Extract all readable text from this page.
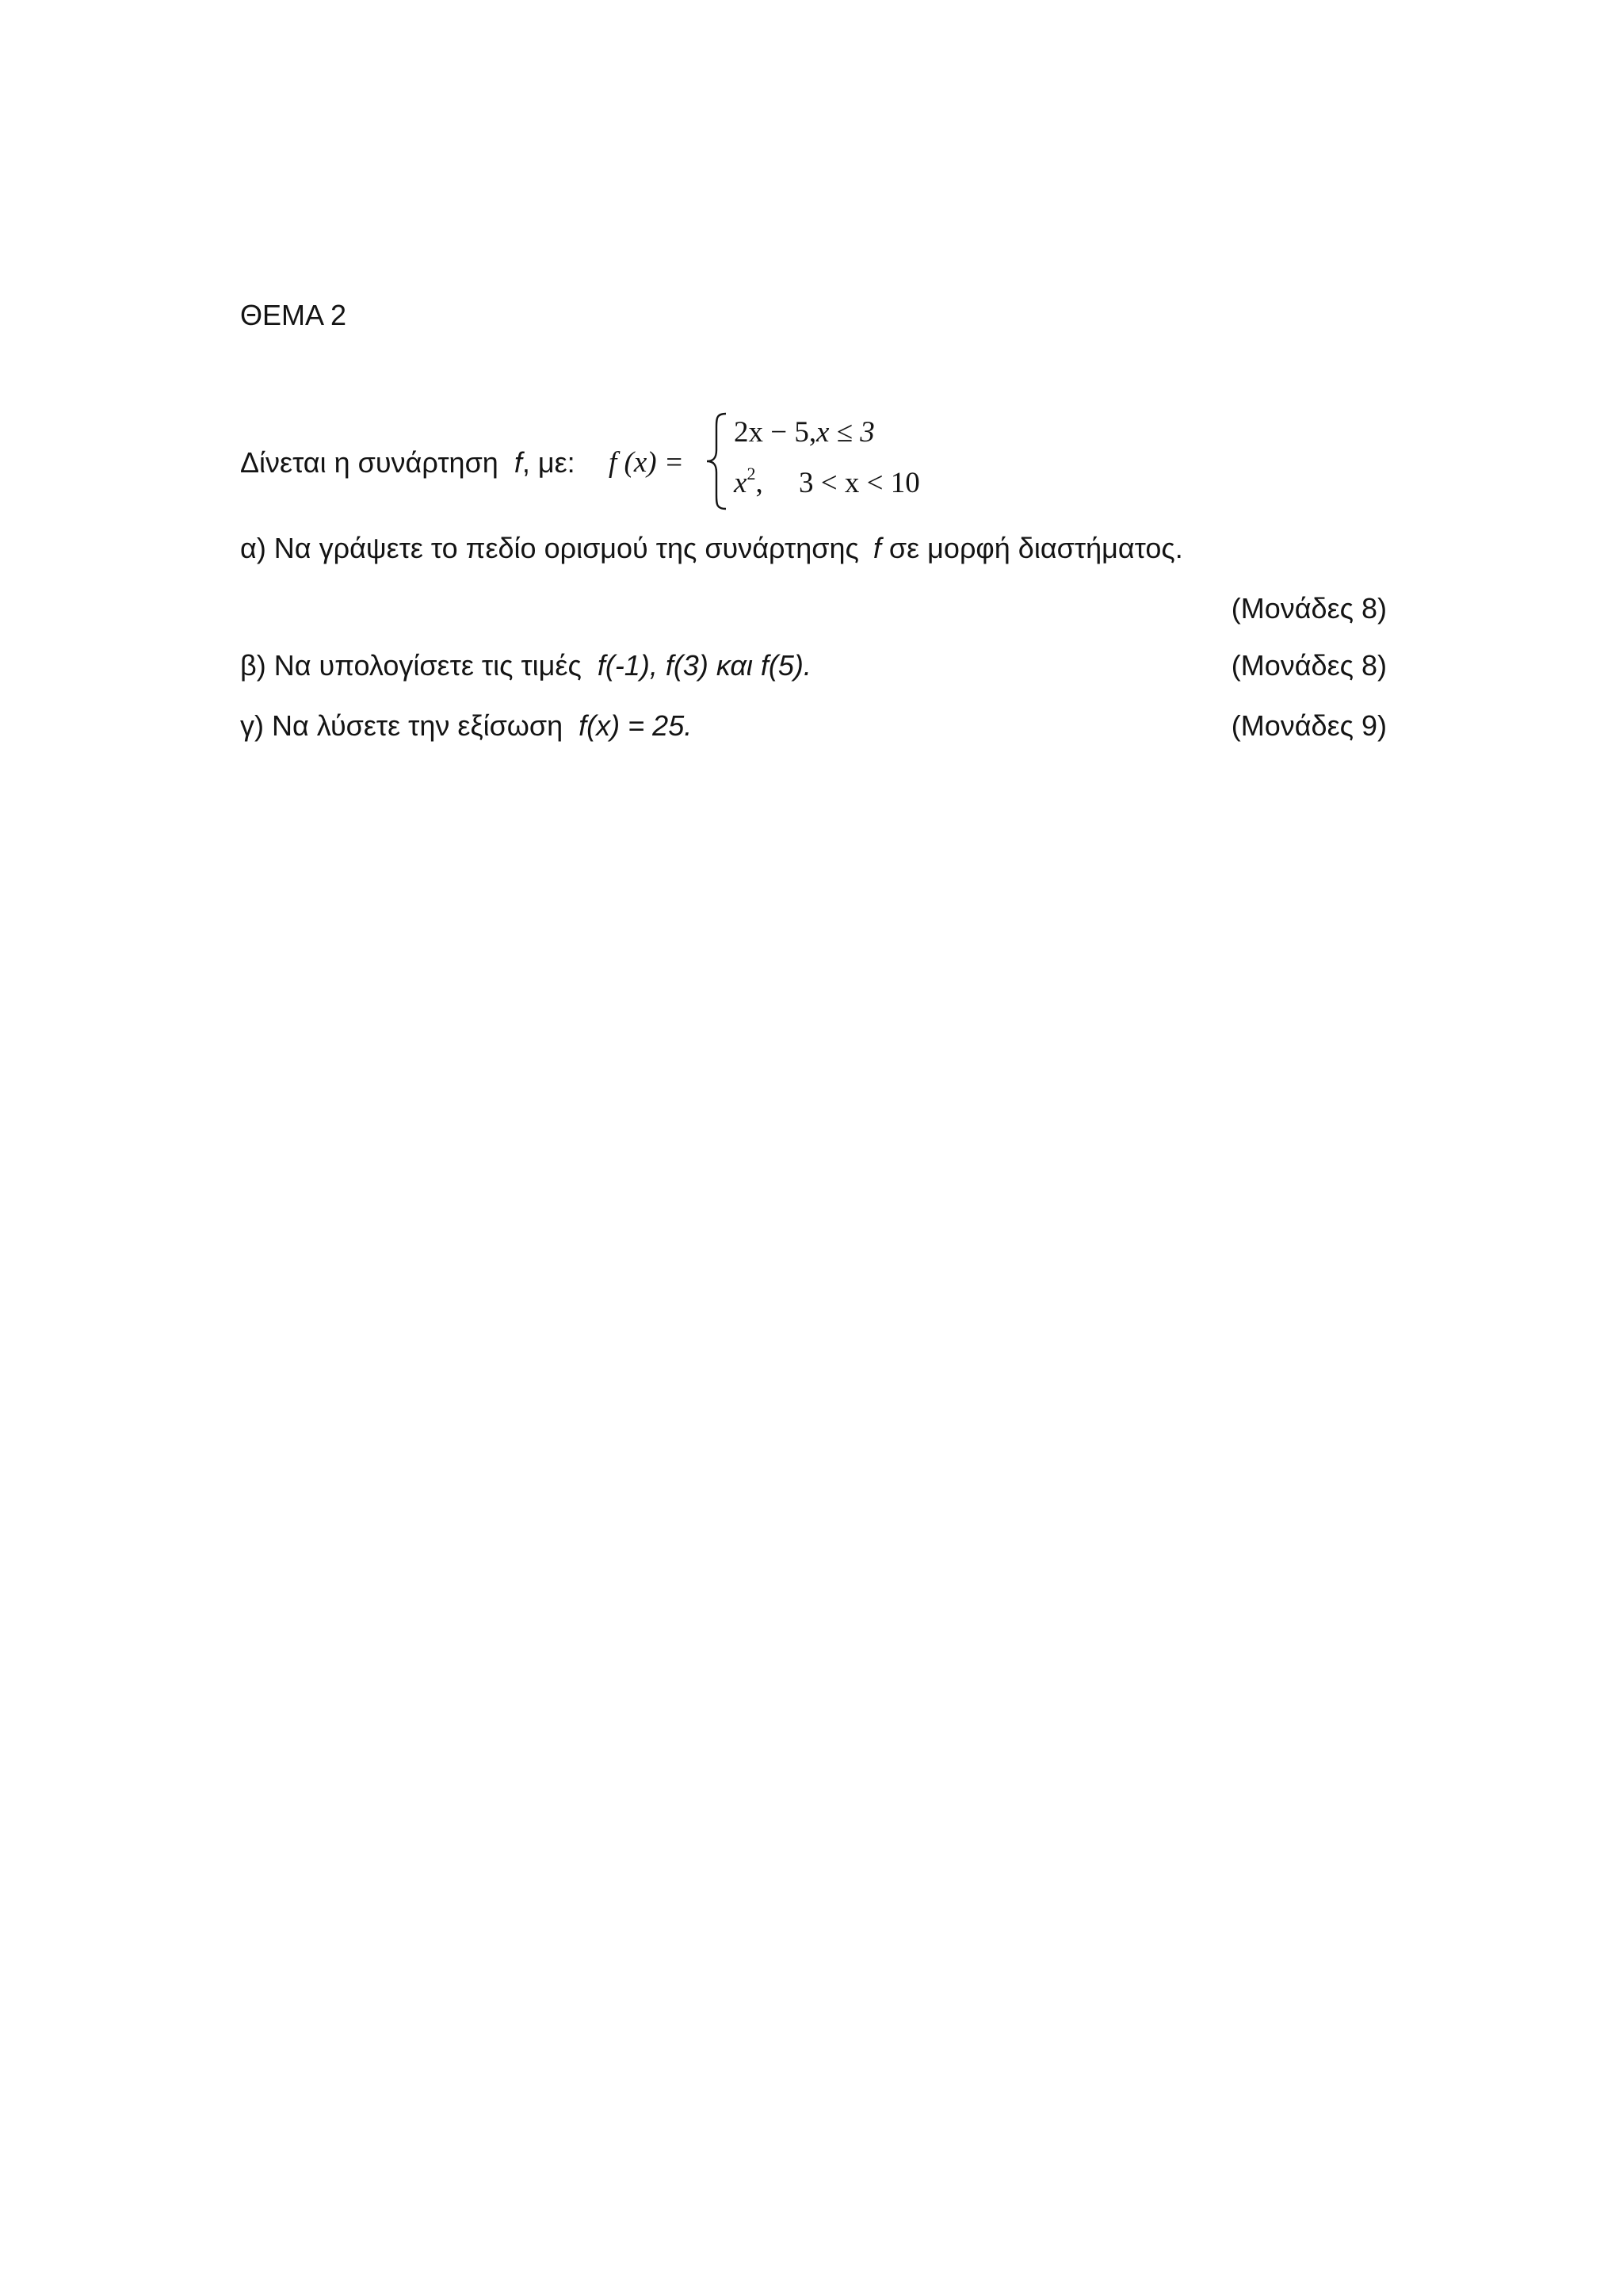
ΘΕΜΑ 2
Δίνεται η συνάρτηση f, με: f (x) =
2x − 5, x ≤ 3
$x^2$, 3 < x < 10
α) Να γράψετε το πεδίο ορισμού της συνάρτησης f σε μορφή διαστήματος.
(Μονάδες 8)
β) Να υπολογίσετε τις τιμές f(-1), f(3) και f(5).	(Μονάδες 8)
γ) Να λύσετε την εξίσωση f(x) = 25.	(Μονάδες 9)
